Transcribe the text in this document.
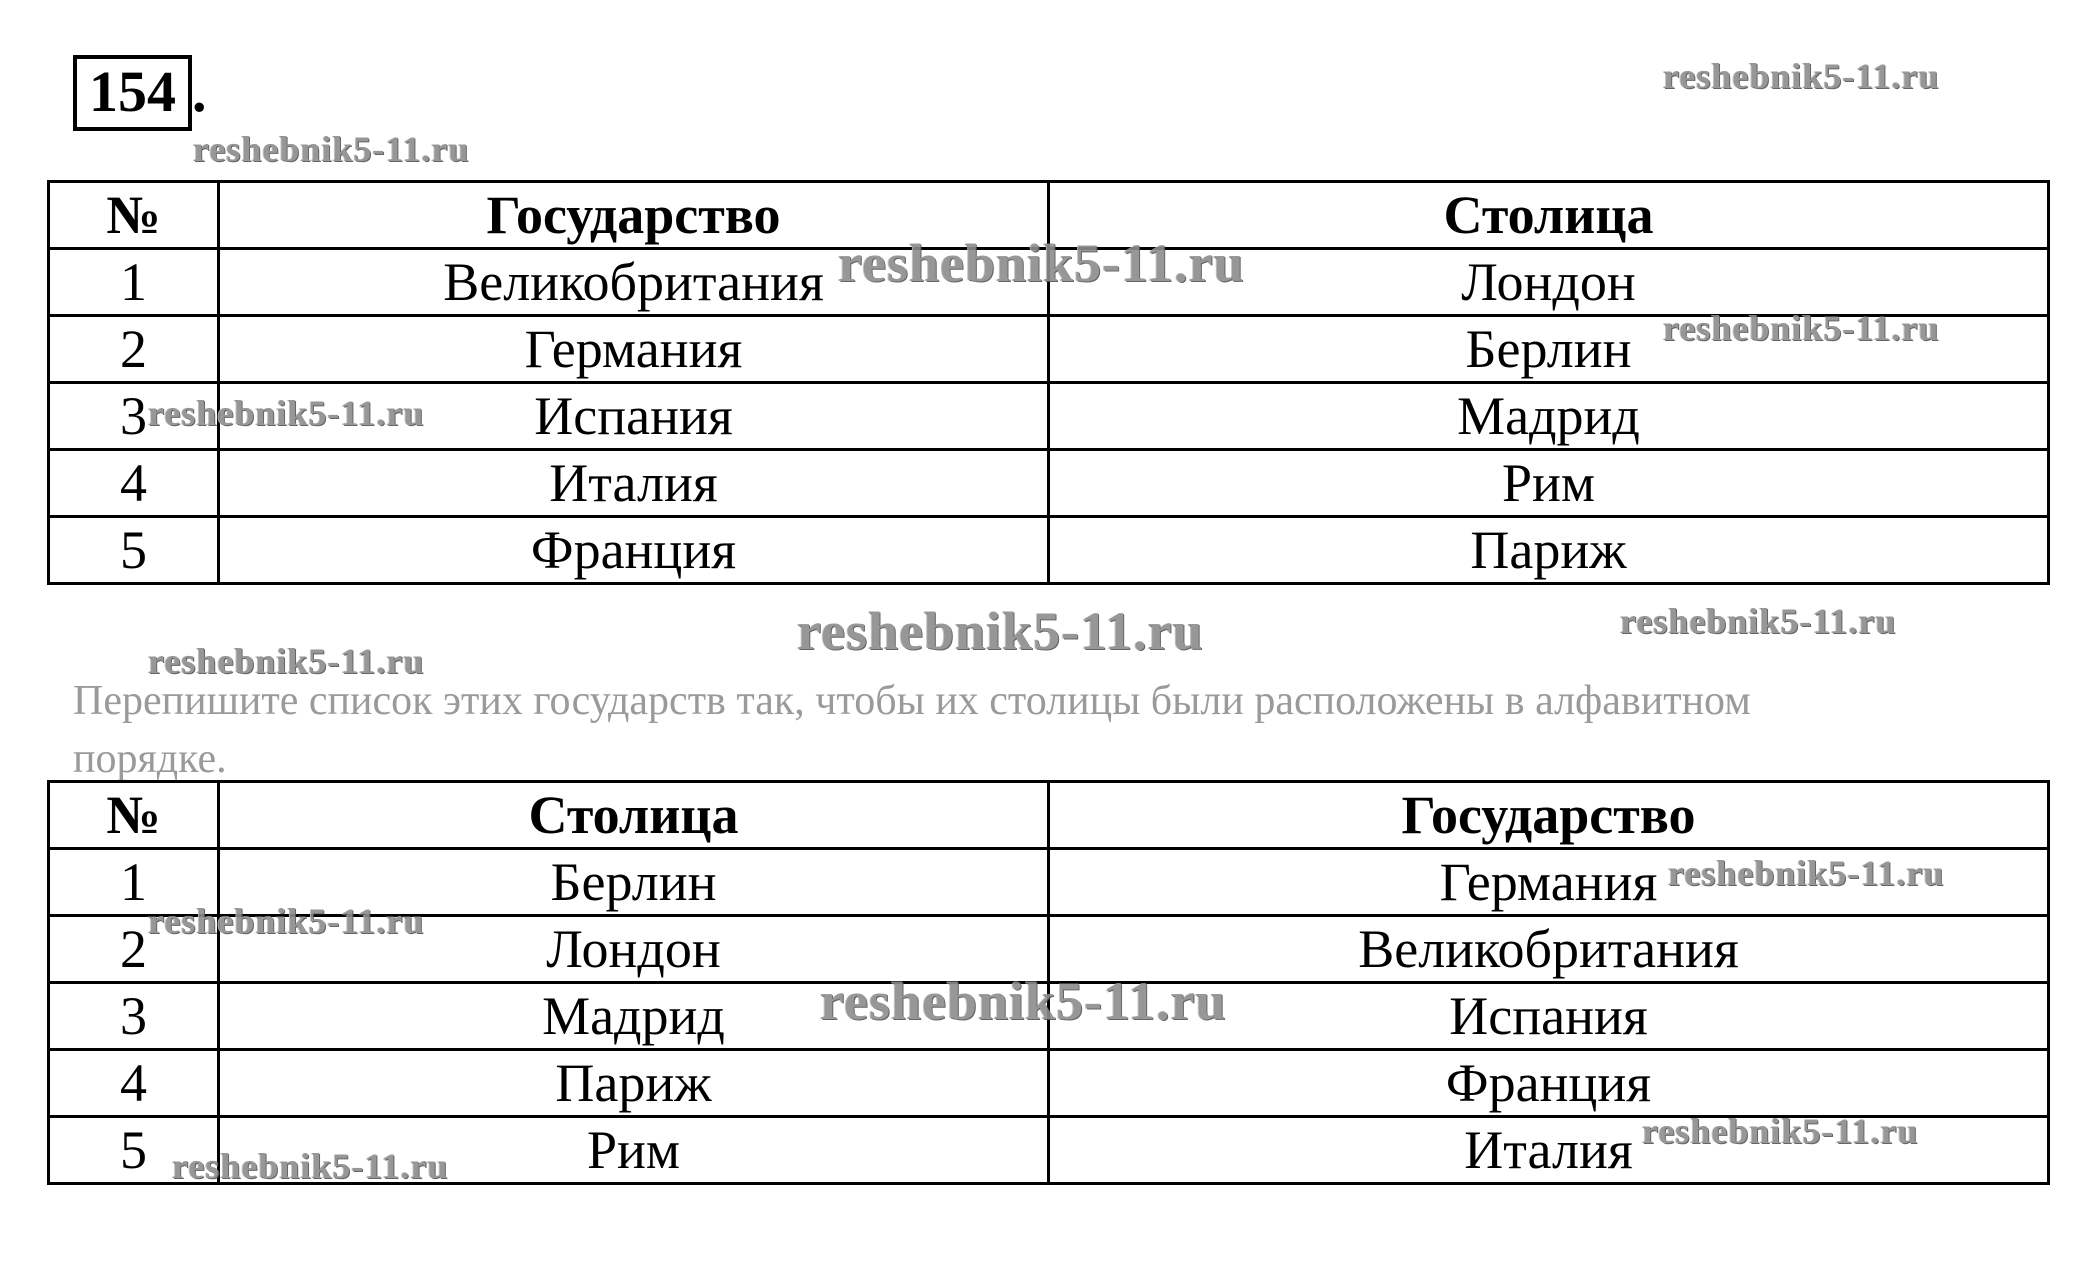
154 .
№	Государство	Столица
1	Великобритания	Лондон
2	Германия	Берлин
3	Испания	Мадрид
4	Италия	Рим
5	Франция	Париж
Перепишите список этих государств так, чтобы их столицы были расположены в алфавитном порядке.
№	Столица	Государство
1	Берлин	Германия
2	Лондон	Великобритания
3	Мадрид	Испания
4	Париж	Франция
5	Рим	Италия
reshebnik5-11.ru
reshebnik5-11.ru
reshebnik5-11.ru
reshebnik5-11.ru
reshebnik5-11.ru
reshebnik5-11.ru	reshebnik5-11.ru
reshebnik5-11.ru
reshebnik5-11.ru
reshebnik5-11.ru
reshebnik5-11.ru
reshebnik5-11.ru
reshebnik5-11.ru
